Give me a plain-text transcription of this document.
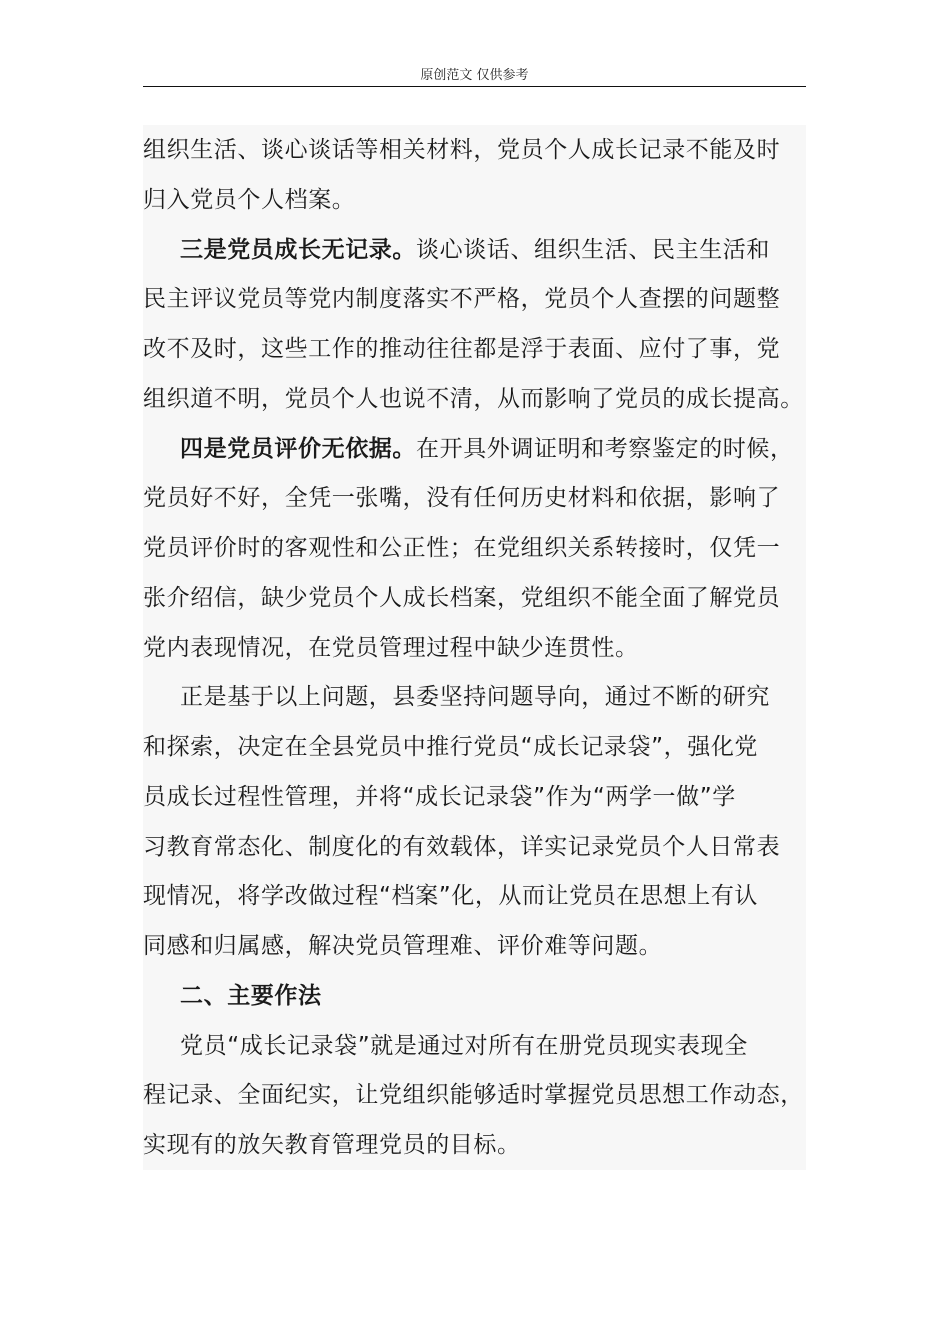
原创范文 仅供参考

组织生活、谈心谈话等相关材料，党员个人成长记录不能及时
归入党员个人档案。

三是党员成长无记录。谈心谈话、组织生活、民主生活和
民主评议党员等党内制度落实不严格，党员个人查摆的问题整
改不及时，这些工作的推动往往都是浮于表面、应付了事，党
组织道不明，党员个人也说不清，从而影响了党员的成长提高。

四是党员评价无依据。在开具外调证明和考察鉴定的时候，
党员好不好，全凭一张嘴，没有任何历史材料和依据，影响了
党员评价时的客观性和公正性；在党组织关系转接时，仅凭一
张介绍信，缺少党员个人成长档案，党组织不能全面了解党员
党内表现情况，在党员管理过程中缺少连贯性。

正是基于以上问题，县委坚持问题导向，通过不断的研究
和探索，决定在全县党员中推行党员“成长记录袋”，强化党
员成长过程性管理，并将“成长记录袋”作为“两学一做”学
习教育常态化、制度化的有效载体，详实记录党员个人日常表
现情况，将学改做过程“档案”化，从而让党员在思想上有认
同感和归属感，解决党员管理难、评价难等问题。

二、主要作法

党员“成长记录袋”就是通过对所有在册党员现实表现全
程记录、全面纪实，让党组织能够适时掌握党员思想工作动态，
实现有的放矢教育管理党员的目标。
